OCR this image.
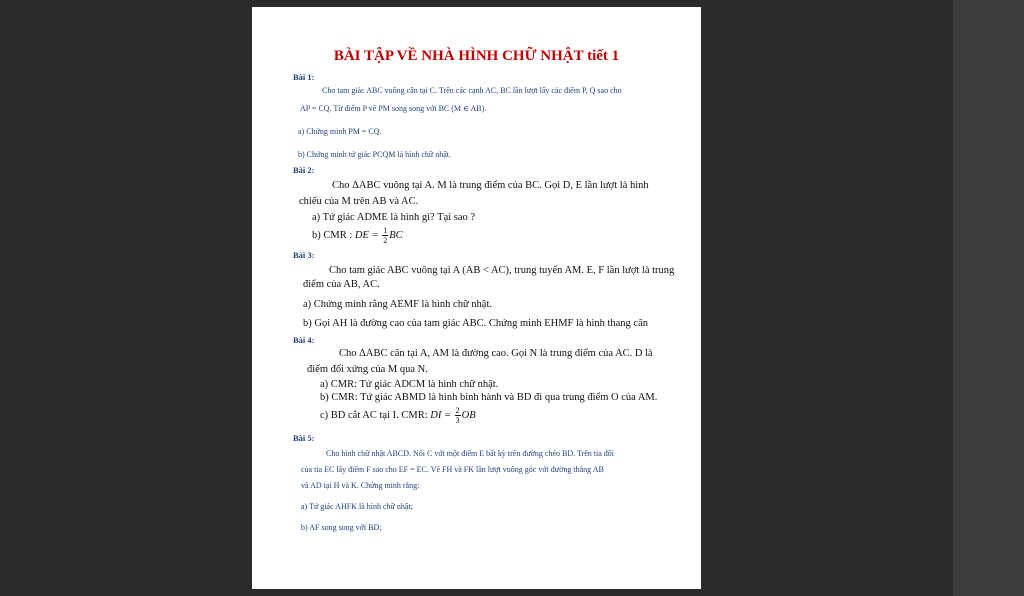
BÀI TẬP VỀ NHÀ HÌNH CHỮ NHẬT tiết 1
Bài 1:
Cho tam giác ABC vuông cân tại C. Trên các cạnh AC, BC lần lượt lấy các điểm P, Q sao cho
AP = CQ. Từ điểm P vẽ PM song song với BC (M ∈ AB).
a) Chứng minh PM = CQ.
b) Chứng minh tứ giác PCQM là hình chữ nhật.
Bài 2:
Cho ΔABC vuông tại A. M là trung điểm của BC. Gọi D, E lần lượt là hình
chiếu của M trên AB và AC.
a) Tứ giác ADME là hình gì? Tại sao ?
b) CMR : DE = $\frac{1}{2}$ BC
Bài 3:
Cho tam giác ABC vuông tại A (AB < AC), trung tuyến AM. E, F lần lượt là trung
điểm của AB, AC.
a) Chứng minh rằng AEMF là hình chữ nhật.
b) Gọi AH là đường cao của tam giác ABC. Chứng minh EHMF là hình thang cân
Bài 4:
Cho ΔABC cân tại A, AM là đường cao. Gọi N là trung điểm của AC. D là
điểm đối xứng của M qua N.
a) CMR: Tứ giác ADCM là hình chữ nhật.
b) CMR: Tứ giác ABMD là hình bình hành và BD đi qua trung điểm O của AM.
c) BD cắt AC tại I. CMR: DI = $\frac{2}{3}$ OB
Bài 5:
Cho hình chữ nhật ABCD. Nối C với một điểm E bất kỳ trên đường chéo BD. Trên tia đối
của tia EC lấy điểm F sao cho EF = EC. Vẽ FH và FK lần lượt vuông góc với đường thẳng AB
và AD tại H và K. Chứng minh rằng:
a) Tứ giác AHFK là hình chữ nhật;
b) AF song song với BD;
